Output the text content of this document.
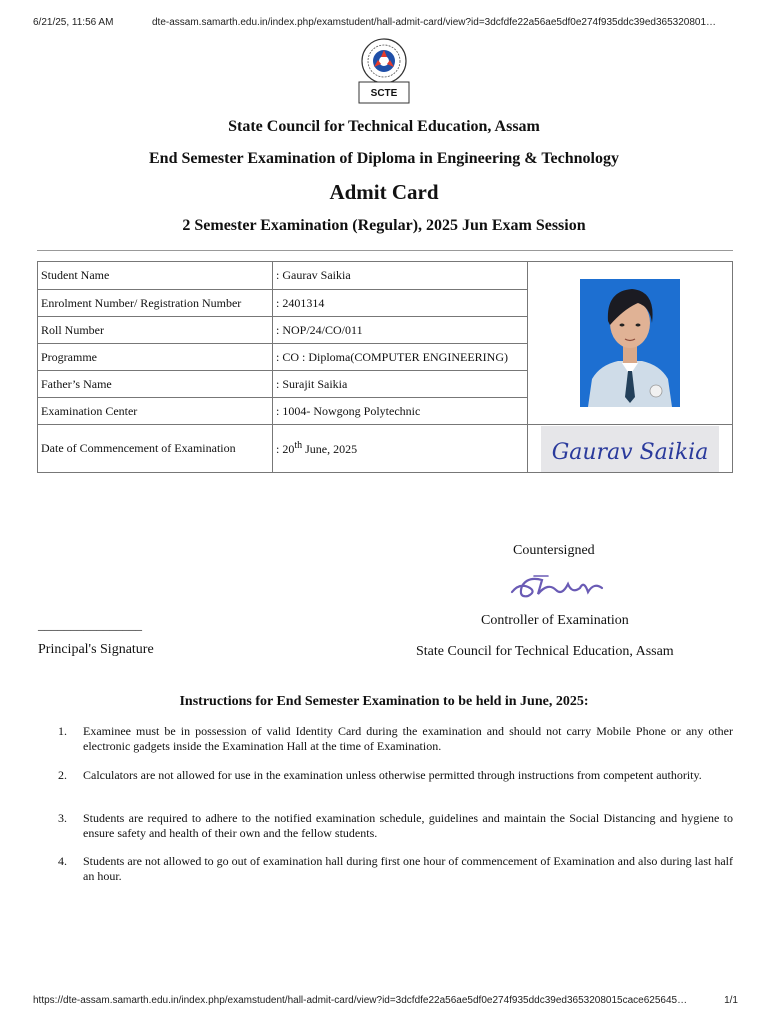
6/21/25, 11:56 AM	dte-assam.samarth.edu.in/index.php/examstudent/hall-admit-card/view?id=3dcfdfe22a56ae5df0e274f935ddc39ed365320801…
SCTE
State Council for Technical Education, Assam
End Semester Examination of Diploma in Engineering & Technology
Admit Card
2 Semester Examination (Regular), 2025 Jun Exam Session
Student Name	: Gaurav Saikia	

Enrolment Number/ Registration Number	: 2401314	
Roll Number	: NOP/24/CO/011	
Programme	: CO : Diploma(COMPUTER ENGINEERING)	
Father’s Name	: Surajit Saikia	
Examination Center	: 1004- Nowgong Polytechnic	
Date of Commencement of Examination	: 20th June, 2025	Gaurav Saikia
Countersigned
________________	Controller of Examination
Principal's Signature	State Council for Technical Education, Assam
Instructions for End Semester Examination to be held in June, 2025:
1. Examinee must be in possession of valid Identity Card during the examination and should not carry Mobile Phone or any other electronic gadgets inside the Examination Hall at the time of Examination.
2. Calculators are not allowed for use in the examination unless otherwise permitted through instructions from competent authority.
3. Students are required to adhere to the notified examination schedule, guidelines and maintain the Social Distancing and hygiene to ensure safety and health of their own and the fellow students.
4. Students are not allowed to go out of examination hall during first one hour of commencement of Examination and also during last half an hour.
https://dte-assam.samarth.edu.in/index.php/examstudent/hall-admit-card/view?id=3dcfdfe22a56ae5df0e274f935ddc39ed3653208015cace625645…	1/1
